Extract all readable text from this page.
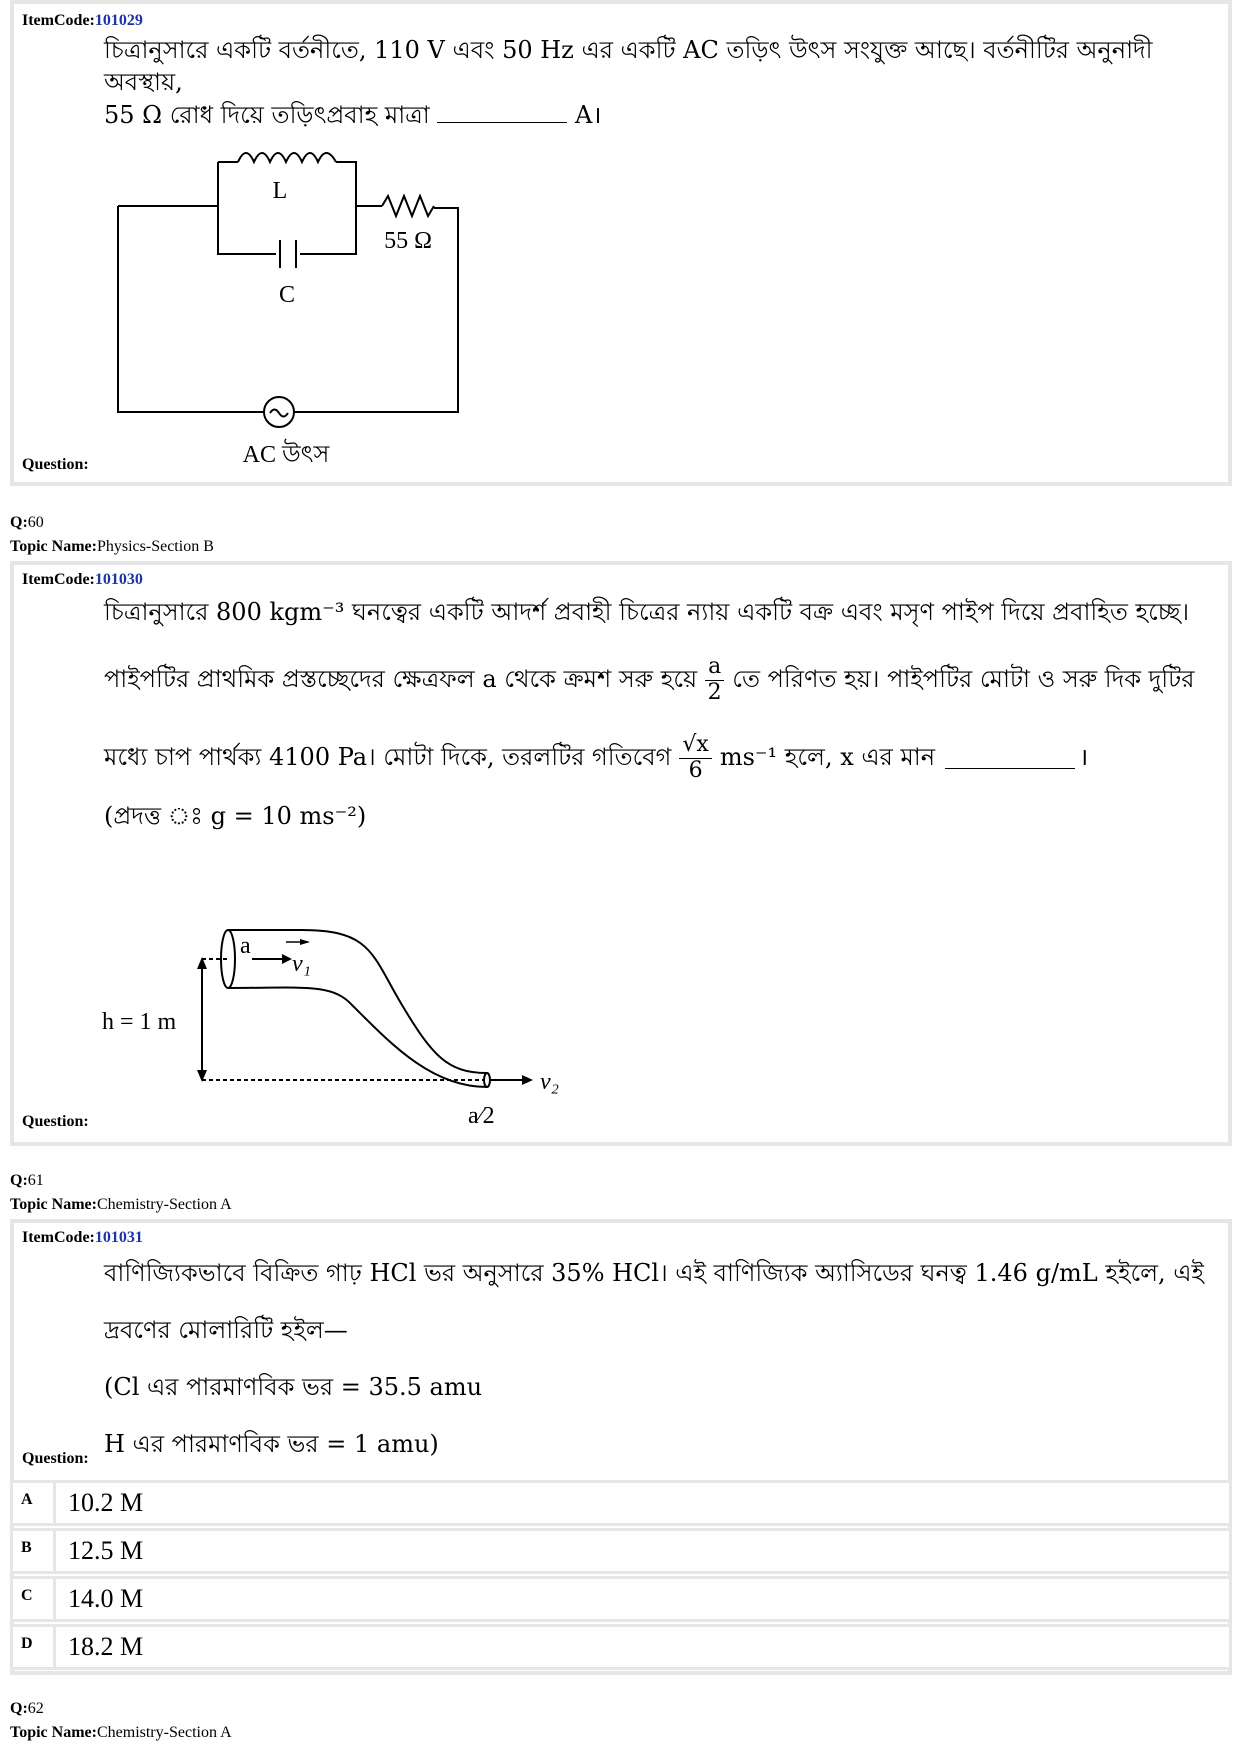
ItemCode:101029
চিত্রানুসারে একটি বর্তনীতে, 110 V এবং 50 Hz এর একটি AC তড়িৎ উৎস সংযুক্ত আছে। বর্তনীটির অনুনাদী অবস্থায়,
55 Ω রোধ দিয়ে তড়িৎপ্রবাহ মাত্রা	A।
L
C
55 Ω
AC উৎস
Question:
Q:60
Topic Name:Physics-Section B
ItemCode:101030
চিত্রানুসারে 800 kgm⁻³ ঘনত্বের একটি আদর্শ প্রবাহী চিত্রের ন্যায় একটি বক্র এবং মসৃণ পাইপ দিয়ে প্রবাহিত হচ্ছে।
পাইপটির প্রাথমিক প্রস্তচ্ছেদের ক্ষেত্রফল a থেকে ক্রমশ সরু হয়ে $\frac{a}{2}$ তে পরিণত হয়। পাইপটির মোটা ও সরু দিক দুটির
মধ্যে চাপ পার্থক্য 4100 Pa। মোটা দিকে, তরলটির গতিবেগ $\frac{√x}{6} ms^{-1}$ হলে, x এর মান	।
(প্রদত্ত ঃ g = 10 ms⁻²)
a
v₁
h = 1 m
v₂
a⁄2
Question:
Q:61
Topic Name:Chemistry-Section A
ItemCode:101031
বাণিজ্যিকভাবে বিক্রিত গাঢ় HCl ভর অনুসারে 35% HCl। এই বাণিজ্যিক অ্যাসিডের ঘনত্ব 1.46 g/mL হইলে, এই
দ্রবণের মোলারিটি হইল—
(Cl এর পারমাণবিক ভর = 35.5 amu
H এর পারমাণবিক ভর = 1 amu)
Question:
A	10.2 M
B	12.5 M
C	14.0 M
D	18.2 M
Q:62
Topic Name:Chemistry-Section A
